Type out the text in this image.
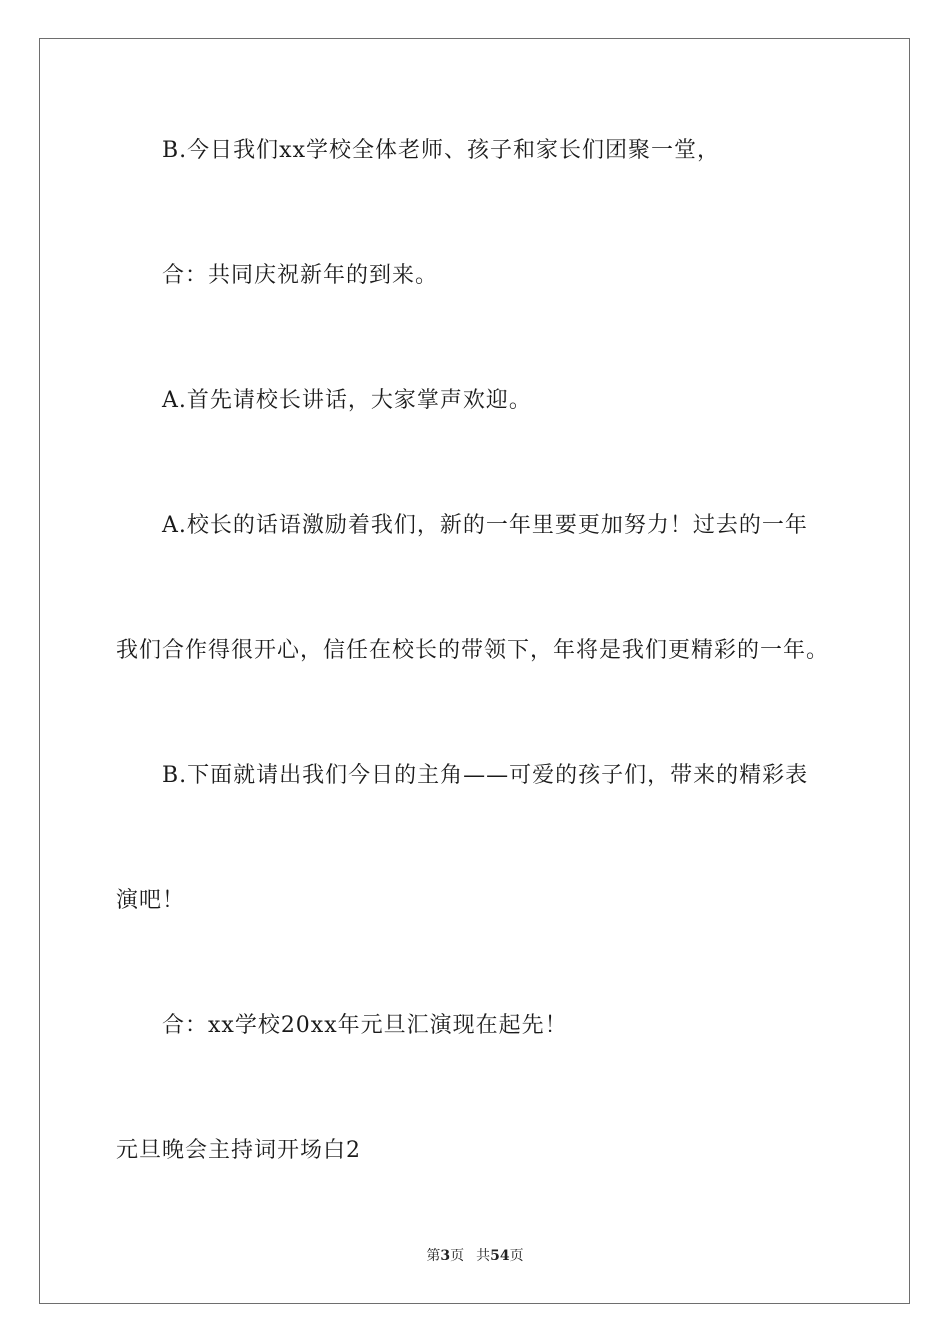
B.今日我们xx学校全体老师、孩子和家长们团聚一堂，
合：共同庆祝新年的到来。
A.首先请校长讲话，大家掌声欢迎。
A.校长的话语激励着我们，新的一年里要更加努力！过去的一年
我们合作得很开心，信任在校长的带领下，年将是我们更精彩的一年。
B.下面就请出我们今日的主角——可爱的孩子们，带来的精彩表
演吧！
合：xx学校20xx年元旦汇演现在起先！
元旦晚会主持词开场白2
第3页 共54页
